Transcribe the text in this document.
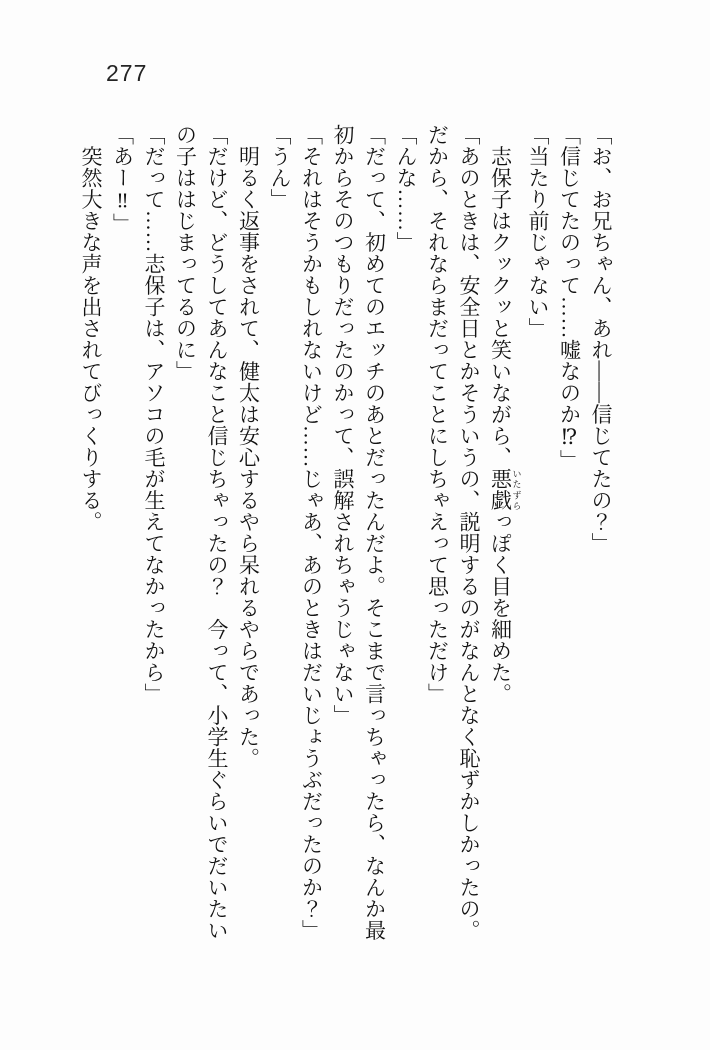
277

「お、お兄ちゃん、あれ――信じてたの？」

「信じてたのって……嘘なのか⁉」

「当たり前じゃない」

　志保子はクックッと笑いながら、悪戯 いたずらっぽく目を細めた。

「あのときは、安全日とかそういうの、説明するのがなんとなく恥ずかしかったの。

だから、それならまだってことにしちゃえって思っただけ」

「んな……」

「だって、初めてのエッチのあとだったんだよ。そこまで言っちゃったら、なんか最

初からそのつもりだったのかって、誤解されちゃうじゃない」

「それはそうかもしれないけど……じゃあ、あのときはだいじょうぶだったのか？」

「うん」

　明るく返事をされて、健太は安心するやら呆れるやらであった。

「だけど、どうしてあんなこと信じちゃったの？　今って、小学生ぐらいでだいたい

の子ははじまってるのに」

「だって……志保子は、アソコの毛が生えてなかったから」

「あー‼」

　突然大きな声を出されてびっくりする。
